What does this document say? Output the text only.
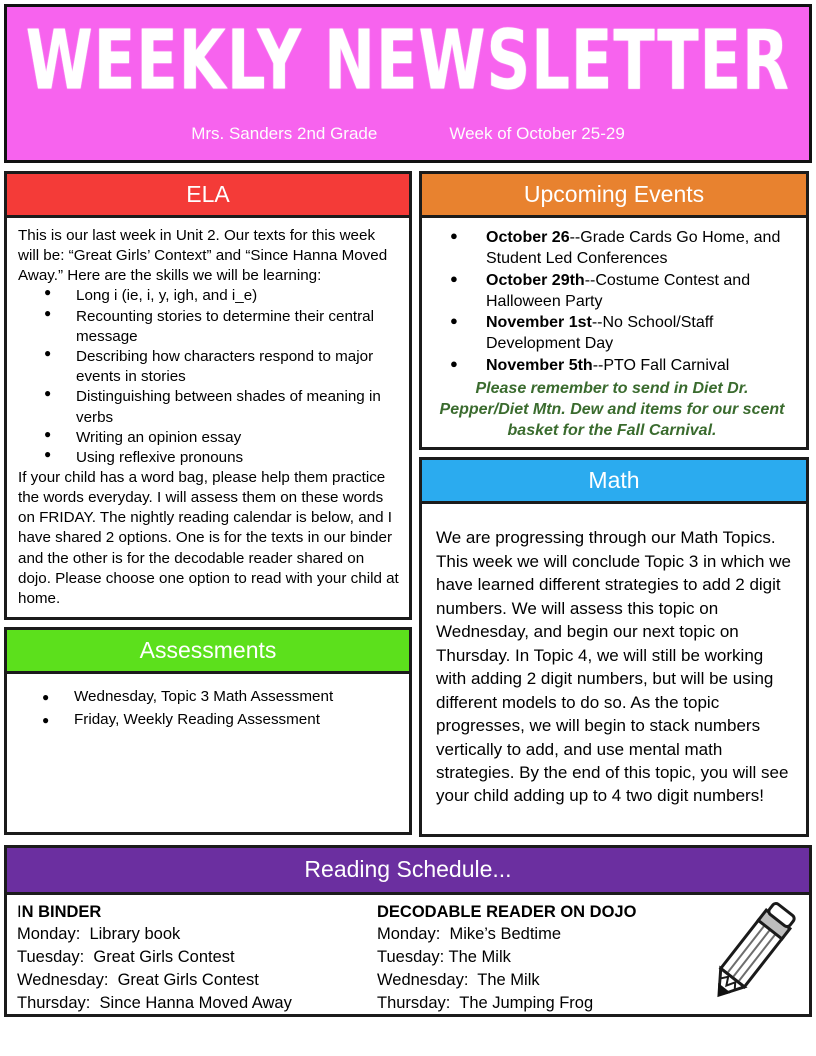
WEEKLY NEWSLETTER
Mrs. Sanders 2nd Grade	Week of October 25-29
ELA

This is our last week in Unit 2. Our texts for this week will be: “Great Girls’ Context” and “Since Hanna Moved Away.” Here are the skills we will be learning:

● Long i (ie, i, y, igh, and i_e)
● Recounting stories to determine their central message
● Describing how characters respond to major events in stories
● Distinguishing between shades of meaning in verbs
● Writing an opinion essay
● Using reflexive pronouns

If your child has a word bag, please help them practice the words everyday. I will assess them on these words on FRIDAY. The nightly reading calendar is below, and I have shared 2 options. One is for the texts in our binder and the other is for the decodable reader shared on dojo. Please choose one option to read with your child at home.

Assessments
● Wednesday, Topic 3 Math Assessment
● Friday, Weekly Reading Assessment
Upcoming Events
● October 26--Grade Cards Go Home, and Student Led Conferences
● October 29th--Costume Contest and Halloween Party
● November 1st--No School/Staff Development Day
● November 5th--PTO Fall Carnival
Please remember to send in Diet Dr. Pepper/Diet Mtn. Dew and items for our scent basket for the Fall Carnival.
Math
We are progressing through our Math Topics. This week we will conclude Topic 3 in which we have learned different strategies to add 2 digit numbers. We will assess this topic on Wednesday, and begin our next topic on Thursday. In Topic 4, we will still be working with adding 2 digit numbers, but will be using different models to do so. As the topic progresses, we will begin to stack numbers vertically to add, and use mental math strategies. By the end of this topic, you will see your child adding up to 4 two digit numbers!
Reading Schedule...
IN BINDER
Monday:  Library book
Tuesday:  Great Girls Contest
Wednesday:  Great Girls Contest
Thursday:  Since Hanna Moved Away
DECODABLE READER ON DOJO
Monday:  Mike’s Bedtime
Tuesday: The Milk
Wednesday:  The Milk
Thursday:  The Jumping Frog
